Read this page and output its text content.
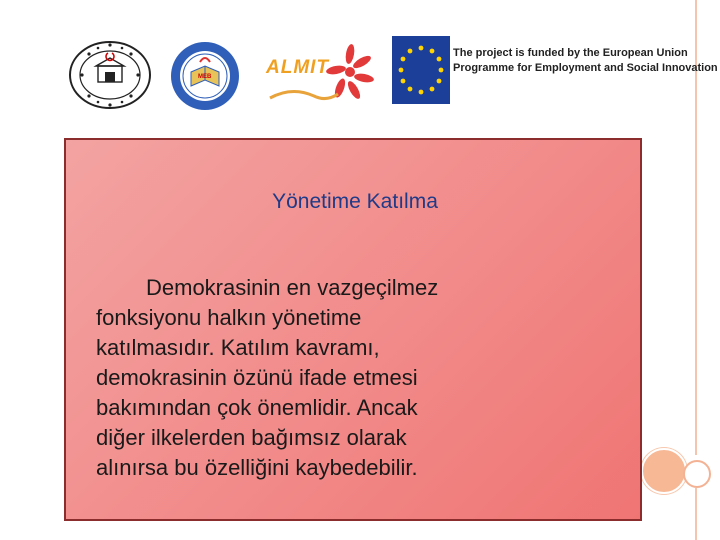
MEB	ALMIT
The project is funded by the European Union
Programme for Employment and Social Innovation
Yönetime Katılma
Demokrasinin en vazgeçilmez
fonksiyonu halkın yönetime
katılmasıdır. Katılım kavramı,
demokrasinin özünü ifade etmesi
bakımından çok önemlidir. Ancak
diğer ilkelerden bağımsız olarak
alınırsa bu özelliğini kaybedebilir.
